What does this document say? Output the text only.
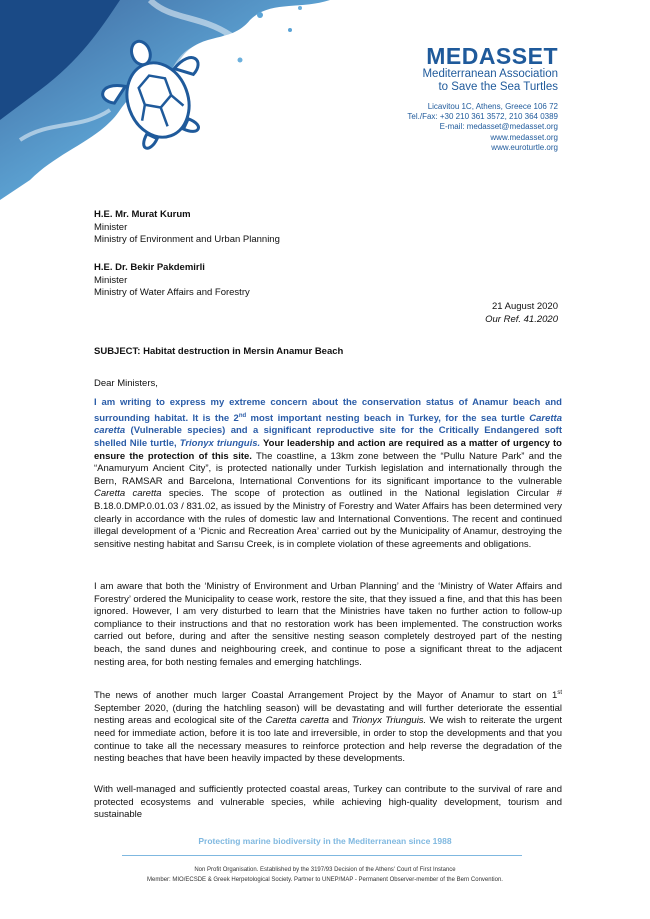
MEDASSET
Mediterranean Association
to Save the Sea Turtles
Licavitou 1C, Athens, Greece 106 72
Tel./Fax: +30 210 361 3572, 210 364 0389
E-mail: medasset@medasset.org
www.medasset.org
www.euroturtle.org
H.E. Mr. Murat Kurum
Minister
Ministry of Environment and Urban Planning
H.E. Dr. Bekir Pakdemirli
Minister
Ministry of Water Affairs and Forestry
21 August 2020
Our Ref. 41.2020
SUBJECT: Habitat destruction in Mersin Anamur Beach
Dear Ministers,
I am writing to express my extreme concern about the conservation status of Anamur beach and surrounding habitat. It is the 2nd most important nesting beach in Turkey, for the sea turtle Caretta caretta (Vulnerable species) and a significant reproductive site for the Critically Endangered soft shelled Nile turtle, Trionyx triunguis. Your leadership and action are required as a matter of urgency to ensure the protection of this site. The coastline, a 13km zone between the “Pullu Nature Park” and the “Anamuryum Ancient City”, is protected nationally under Turkish legislation and internationally through the Bern, RAMSAR and Barcelona, International Conventions for its significant importance to the vulnerable Caretta caretta species. The scope of protection as outlined in the National legislation Circular # B.18.0.DMP.0.01.03 / 831.02, as issued by the Ministry of Forestry and Water Affairs has been determined very clearly in accordance with the rules of domestic law and International Conventions. The recent and continued illegal development of a ‘Picnic and Recreation Area’ carried out by the Municipality of Anamur, destroying the sensitive nesting habitat and Sarısu Creek, is in complete violation of these agreements and obligations.
I am aware that both the ‘Ministry of Environment and Urban Planning’ and the ‘Ministry of Water Affairs and Forestry’ ordered the Municipality to cease work, restore the site, that they issued a fine, and that this has been ignored. However, I am very disturbed to learn that the Ministries have taken no further action to follow-up compliance to their instructions and that no restoration work has been implemented. The construction works carried out before, during and after the sensitive nesting season completely destroyed part of the nesting beach, the sand dunes and neighbouring creek, and continue to pose a significant threat to the adjacent nesting area, for both nesting females and emerging hatchlings.
The news of another much larger Coastal Arrangement Project by the Mayor of Anamur to start on 1st September 2020, (during the hatchling season) will be devastating and will further deteriorate the essential nesting areas and ecological site of the Caretta caretta and Trionyx Triunguis. We wish to reiterate the urgent need for immediate action, before it is too late and irreversible, in order to stop the developments and that you continue to take all the necessary measures to reinforce protection and help reverse the degradation of the nesting beaches that have been heavily impacted by these developments.
With well-managed and sufficiently protected coastal areas, Turkey can contribute to the survival of rare and protected ecosystems and vulnerable species, while achieving high-quality development, tourism and sustainable
Protecting marine biodiversity in the Mediterranean since 1988
Non Profit Organisation. Established by the 3197/93 Decision of the Athens' Court of First Instance
Member: MIO/ECSDE & Greek Herpetological Society. Partner to UNEP/MAP - Permanent Observer-member of the Bern Convention.
